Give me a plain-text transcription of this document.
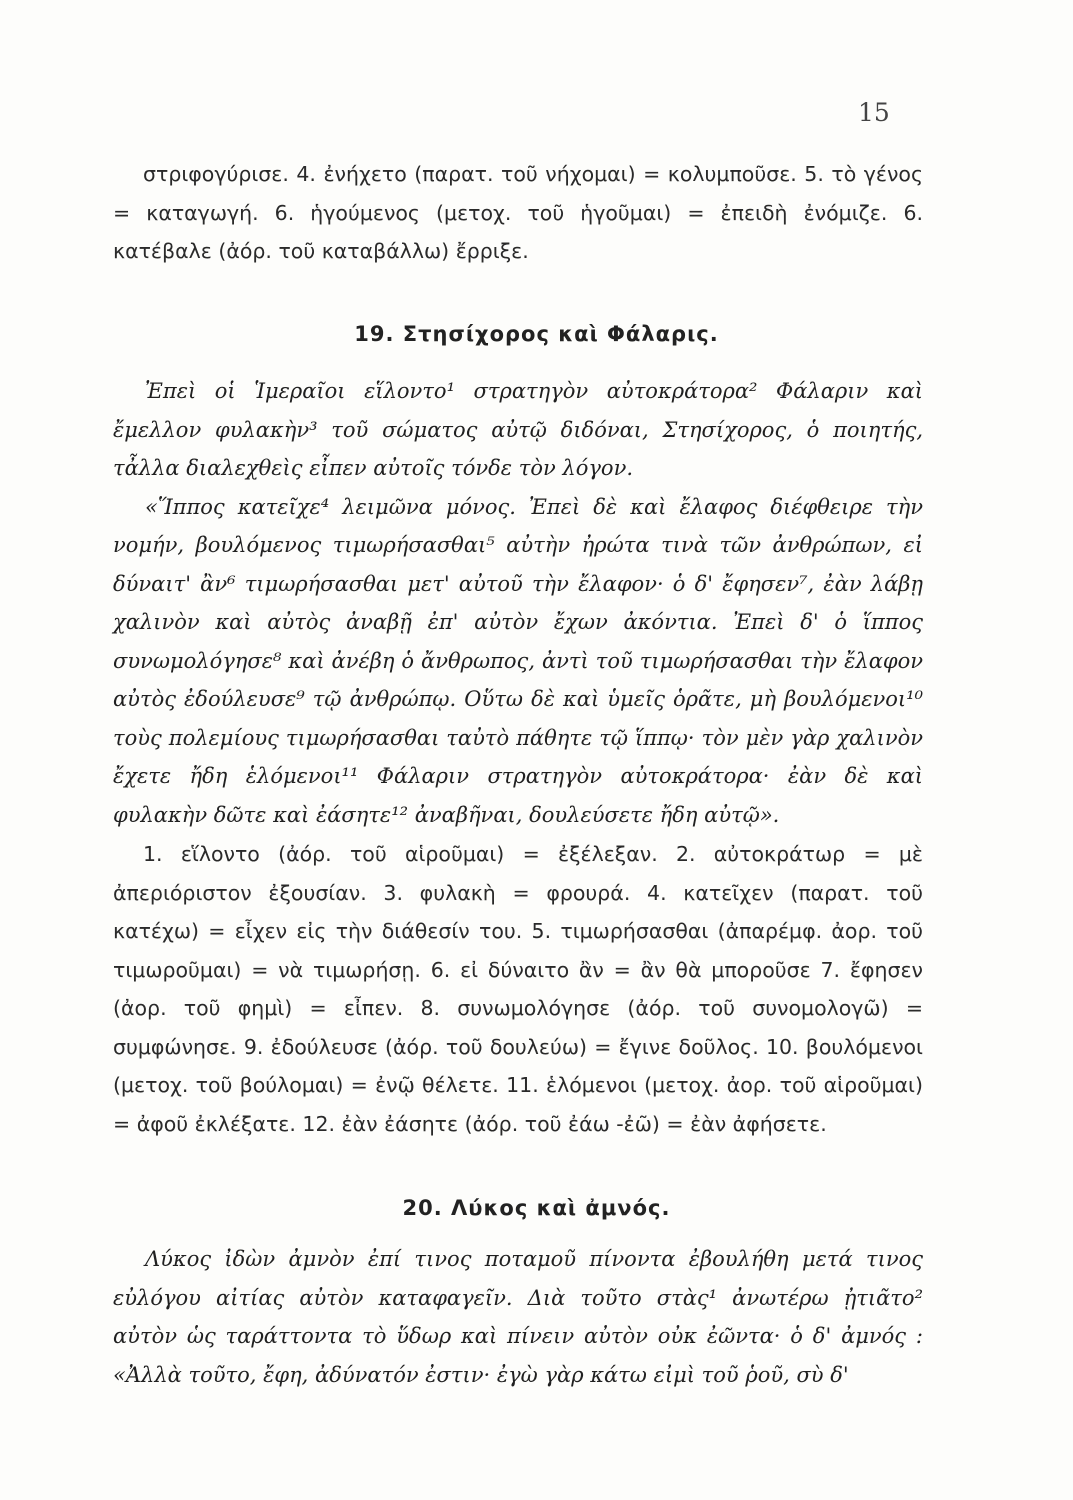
15

στριφογύρισε. 4. ἐνήχετο (παρατ. τοῦ νήχομαι) = κολυμποῦσε. 5. τὸ γένος = καταγωγή. 6. ἡγούμενος (μετοχ. τοῦ ἡγοῦμαι) = ἐπειδὴ ἐνόμιζε. 6. κατέβαλε (ἀόρ. τοῦ καταβάλλω) ἔρριξε.

19. Στησίχορος καὶ Φάλαρις.

Ἐπεὶ οἱ Ἱμεραῖοι εἵλοντο¹ στρατηγὸν αὐτοκράτορα² Φάλαριν καὶ ἔμελλον φυλακὴν³ τοῦ σώματος αὐτῷ διδόναι, Στησίχορος, ὁ ποιητής, τἆλλα διαλεχθεὶς εἶπεν αὐτοῖς τόνδε τὸν λόγον.

«Ἵππος κατεῖχε⁴ λειμῶνα μόνος. Ἐπεὶ δὲ καὶ ἔλαφος διέφθειρε τὴν νομήν, βουλόμενος τιμωρήσασθαι⁵ αὐτὴν ἠρώτα τινὰ τῶν ἀνθρώπων, εἰ δύναιτ' ἂν⁶ τιμωρήσασθαι μετ' αὐτοῦ τὴν ἔλαφον· ὁ δ' ἔφησεν⁷, ἐὰν λάβῃ χαλινὸν καὶ αὐτὸς ἀναβῇ ἐπ' αὐτὸν ἔχων ἀκόντια. Ἐπεὶ δ' ὁ ἵππος συνωμολόγησε⁸ καὶ ἀνέβη ὁ ἄνθρωπος, ἀντὶ τοῦ τιμωρήσασθαι τὴν ἔλαφον αὐτὸς ἐδούλευσε⁹ τῷ ἀνθρώπῳ. Οὕτω δὲ καὶ ὑμεῖς ὁρᾶτε, μὴ βουλόμενοι¹⁰ τοὺς πολεμίους τιμωρήσασθαι ταὐτὸ πάθητε τῷ ἵππῳ· τὸν μὲν γὰρ χαλινὸν ἔχετε ἤδη ἑλόμενοι¹¹ Φάλαριν στρατηγὸν αὐτοκράτορα· ἐὰν δὲ καὶ φυλακὴν δῶτε καὶ ἐάσητε¹² ἀναβῆναι, δουλεύσετε ἤδη αὐτῷ».

1. εἵλοντο (ἀόρ. τοῦ αἱροῦμαι) = ἐξέλεξαν. 2. αὐτοκράτωρ = μὲ ἀπεριόριστον ἐξουσίαν. 3. φυλακὴ = φρουρά. 4. κατεῖχεν (παρατ. τοῦ κατέχω) = εἶχεν εἰς τὴν διάθεσίν του. 5. τιμωρήσασθαι (ἀπαρέμφ. ἀορ. τοῦ τιμωροῦμαι) = νὰ τιμωρήσῃ. 6. εἰ δύναιτο ἂν = ἂν θὰ μποροῦσε 7. ἔφησεν (ἀορ. τοῦ φημὶ) = εἶπεν. 8. συνωμολόγησε (ἀόρ. τοῦ συνομολογῶ) = συμφώνησε. 9. ἐδούλευσε (ἀόρ. τοῦ δουλεύω) = ἔγινε δοῦλος. 10. βουλόμενοι (μετοχ. τοῦ βούλομαι) = ἐνῷ θέλετε. 11. ἑλόμενοι (μετοχ. ἀορ. τοῦ αἱροῦμαι) = ἀφοῦ ἐκλέξατε. 12. ἐὰν ἐάσητε (ἀόρ. τοῦ ἐάω -ἐῶ) = ἐὰν ἀφήσετε.

20. Λύκος καὶ ἀμνός.

Λύκος ἰδὼν ἀμνὸν ἐπί τινος ποταμοῦ πίνοντα ἐβουλήθη μετά τινος εὐλόγου αἰτίας αὐτὸν καταφαγεῖν. Διὰ τοῦτο στὰς¹ ἀνωτέρω ᾐτιᾶτο² αὐτὸν ὡς ταράττοντα τὸ ὕδωρ καὶ πίνειν αὐτὸν οὐκ ἐῶντα· ὁ δ' ἀμνός : «Ἀλλὰ τοῦτο, ἔφη, ἀδύνατόν ἐστιν· ἐγὼ γὰρ κάτω εἰμὶ τοῦ ῥοῦ, σὺ δ'
